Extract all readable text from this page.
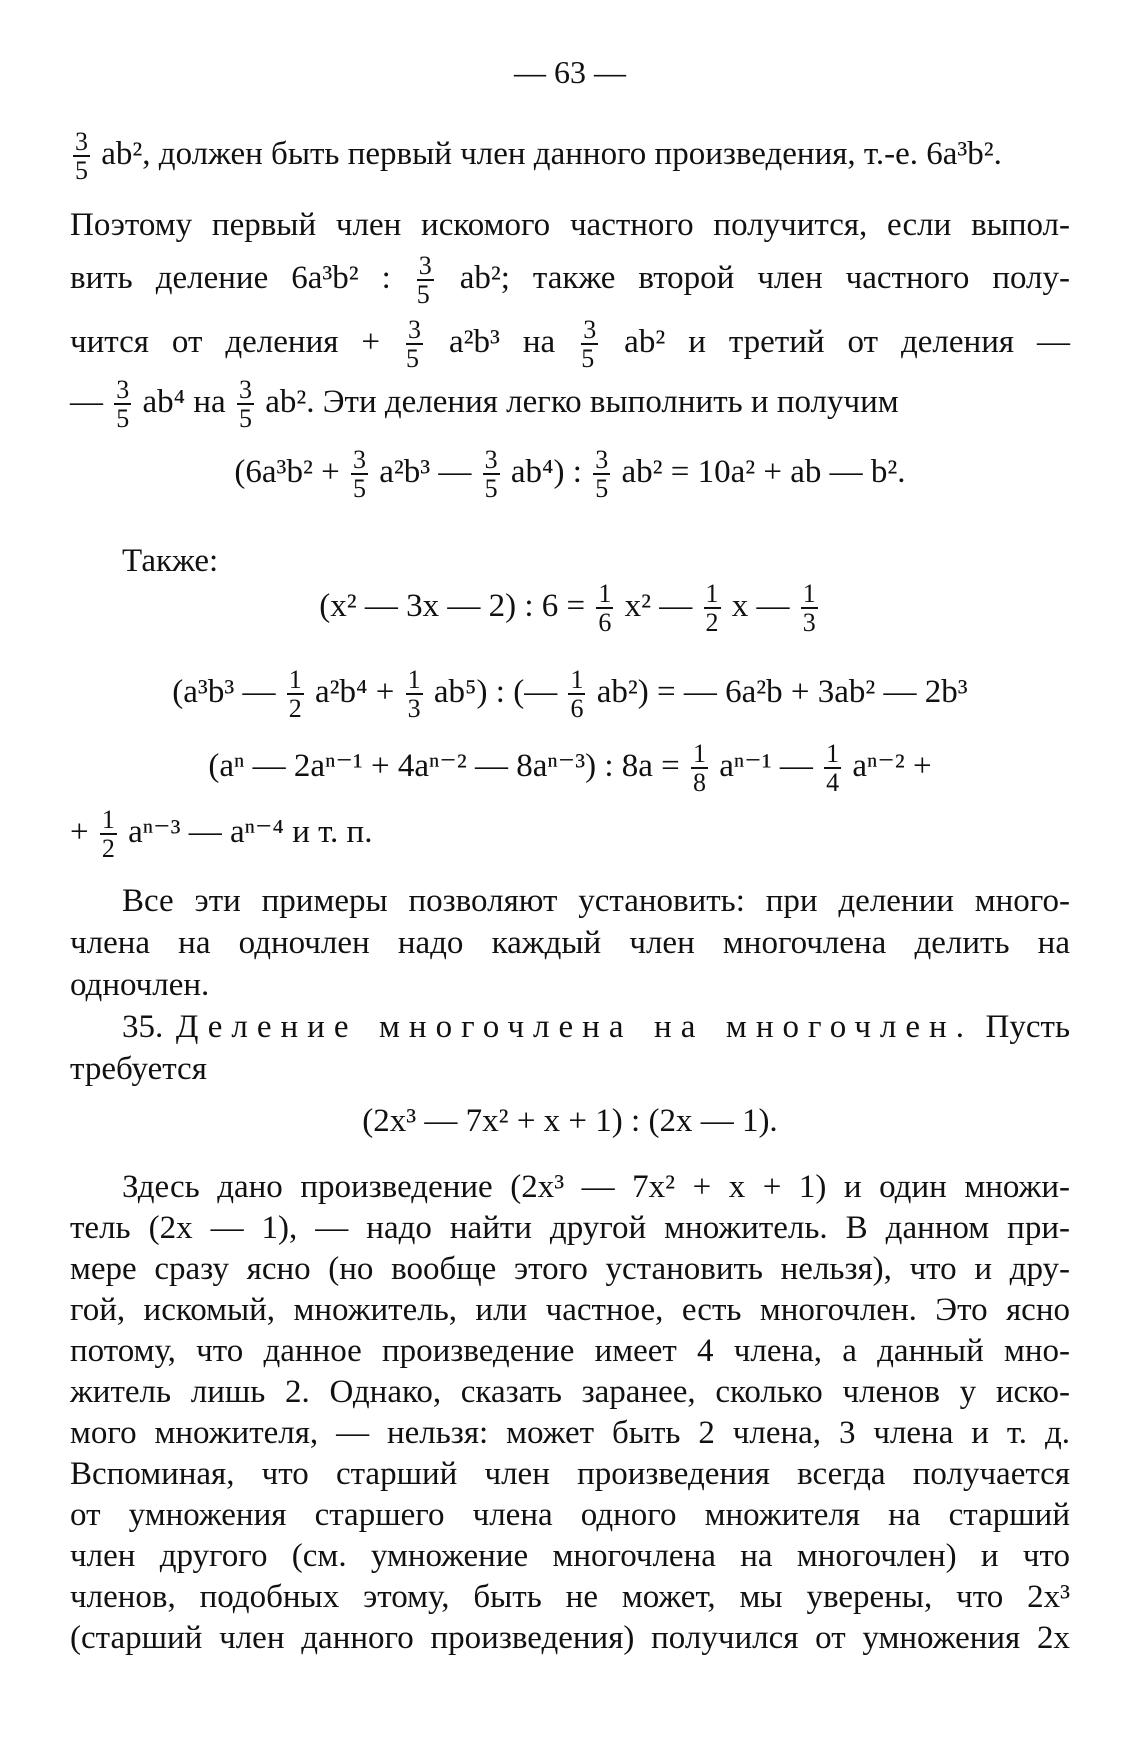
— 63 —
$\frac{3}{5} ab^2$, должен быть первый член данного произведения, т.-е. 6a³b².
Поэтому первый член искомого частного получится, если выпол-
вить деление 6a³b² : $\frac{3}{5} ab^2$; также второй член частного полу-
чится от деления + $\frac{3}{5} a^2b^3$ на $\frac{3}{5} ab^2$ и третий от деления —
— $\frac{3}{5} ab^4$ на $\frac{3}{5} ab^2$. Эти деления легко выполнить и получим
($6a^3b^2 + \frac{3}{5} a^2b^3$ — $\frac{3}{5} ab^4$) : $\frac{3}{5} ab^2 = 10a^2$ + ab — b².
Также:
(x² — 3x — 2) : $6 = \frac{1}{6} x^2$ — $\frac{1}{2}$ x — $\frac{1}{3}$
(a³b³ — $\frac{1}{2} a^2b^4 + \frac{1}{3} ab^5$) : (— $\frac{1}{6} ab^2$) = — 6a²b + 3ab² — 2b³
(aⁿ — 2aⁿ⁻¹ + 4aⁿ⁻² — 8aⁿ⁻³) : $8a = \frac{1}{8} a^{n-1}$ — $\frac{1}{4} a^{n-2}$ +
+ $\frac{1}{2} a^{n-3}$ — aⁿ⁻⁴ и т. п.
Все эти примеры позволяют установить: при делении много-
члена на одночлен надо каждый член многочлена делить на
одночлен.
35. Деление многочлена на многочлен. Пусть
требуется
(2x³ — 7x² + x + 1) : (2x — 1).
Здесь дано произведение (2x³ — 7x² + x + 1) и один множи-
тель (2x — 1), — надо найти другой множитель. В данном при-
мере сразу ясно (но вообще этого установить нельзя), что и дру-
гой, искомый, множитель, или частное, есть многочлен. Это ясно
потому, что данное произведение имеет 4 члена, а данный мно-
житель лишь 2. Однако, сказать заранее, сколько членов у иско-
мого множителя, — нельзя: может быть 2 члена, 3 члена и т. д.
Вспоминая, что старший член произведения всегда получается
от умножения старшего члена одного множителя на старший
член другого (см. умножение многочлена на многочлен) и что
членов, подобных этому, быть не может, мы уверены, что 2x³
(старший член данного произведения) получился от умножения 2x
